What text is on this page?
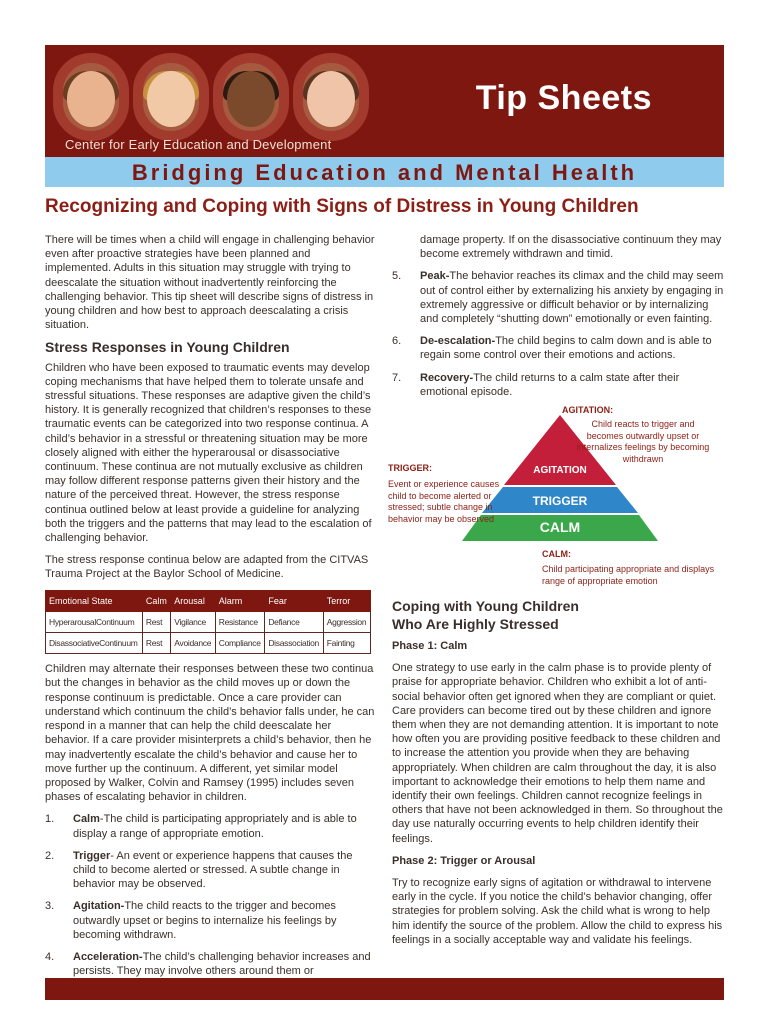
Center for Early Education and Development
Tip Sheets
Bridging Education and Mental Health
Recognizing and Coping with Signs of Distress in Young Children

There will be times when a child will engage in challenging behavior even after proactive strategies have been planned and implemented. Adults in this situation may struggle with trying to deescalate the situation without inadvertently reinforcing the challenging behavior. This tip sheet will describe signs of distress in young children and how best to approach deescalating a crisis situation.

Stress Responses in Young Children

Children who have been exposed to traumatic events may develop coping mechanisms that have helped them to tolerate unsafe and stressful situations. These responses are adaptive given the child’s history. It is generally recognized that children’s responses to these traumatic events can be categorized into two response continua. A child’s behavior in a stressful or threatening situation may be more closely aligned with either the hyperarousal or disassociative continuum. These continua are not mutually exclusive as children may follow different response patterns given their history and the nature of the perceived threat. However, the stress response continua outlined below at least provide a guideline for analyzing both the triggers and the patterns that may lead to the escalation of challenging behavior.

The stress response continua below are adapted from the CITVAS Trauma Project at the Baylor School of Medicine.

Emotional State	Calm	Arousal	Alarm	Fear	Terror
HyperarousalContinuum	Rest	Vigilance	Resistance	Defiance	Aggression
DisassociativeContinuum	Rest	Avoidance	Compliance	Disassociation	Fainting

Children may alternate their responses between these two continua but the changes in behavior as the child moves up or down the response continuum is predictable. Once a care provider can understand which continuum the child’s behavior falls under, he can respond in a manner that can help the child deescalate her behavior. If a care provider misinterprets a child’s behavior, then he may inadvertently escalate the child’s behavior and cause her to move further up the continuum. A different, yet similar model proposed by Walker, Colvin and Ramsey (1995) includes seven phases of escalating behavior in children.

1. Calm-The child is participating appropriately and is able to display a range of appropriate emotion.
2. Trigger- An event or experience happens that causes the child to become alerted or stressed. A subtle change in behavior may be observed.
3. Agitation-The child reacts to the trigger and becomes outwardly upset or begins to internalize his feelings by becoming withdrawn.
4. Acceleration-The child’s challenging behavior increases and persists. They may involve others around them or

damage property. If on the disassociative continuum they may become extremely withdrawn and timid.

5. Peak-The behavior reaches its climax and the child may seem out of control either by externalizing his anxiety by engaging in extremely aggressive or difficult behavior or by internalizing and completely “shutting down” emotionally or even fainting.
6. De-escalation-The child begins to calm down and is able to regain some control over their emotions and actions.
7. Recovery-The child returns to a calm state after their emotional episode.
AGITATION
TRIGGER
CALM
AGITATION:
Child reacts to trigger and becomes outwardly upset or internalizes feelings by becoming withdrawn
TRIGGER:
Event or experience causes child to become alerted or stressed; subtle change in behavior may be observed
CALM:
Child participating appropriate and displays range of appropriate emotion
Coping with Young Children Who Are Highly Stressed
Phase 1: Calm

One strategy to use early in the calm phase is to provide plenty of praise for appropriate behavior. Children who exhibit a lot of anti-social behavior often get ignored when they are compliant or quiet. Care providers can become tired out by these children and ignore them when they are not demanding attention. It is important to note how often you are providing positive feedback to these children and to increase the attention you provide when they are behaving appropriately. When children are calm throughout the day, it is also important to acknowledge their emotions to help them name and identify their own feelings. Children cannot recognize feelings in others that have not been acknowledged in them. So throughout the day use naturally occurring events to help children identify their feelings.

Phase 2: Trigger or Arousal

Try to recognize early signs of agitation or withdrawal to intervene early in the cycle. If you notice the child’s behavior changing, offer strategies for problem solving. Ask the child what is wrong to help him identify the source of the problem. Allow the child to express his feelings in a socially acceptable way and validate his feelings.
